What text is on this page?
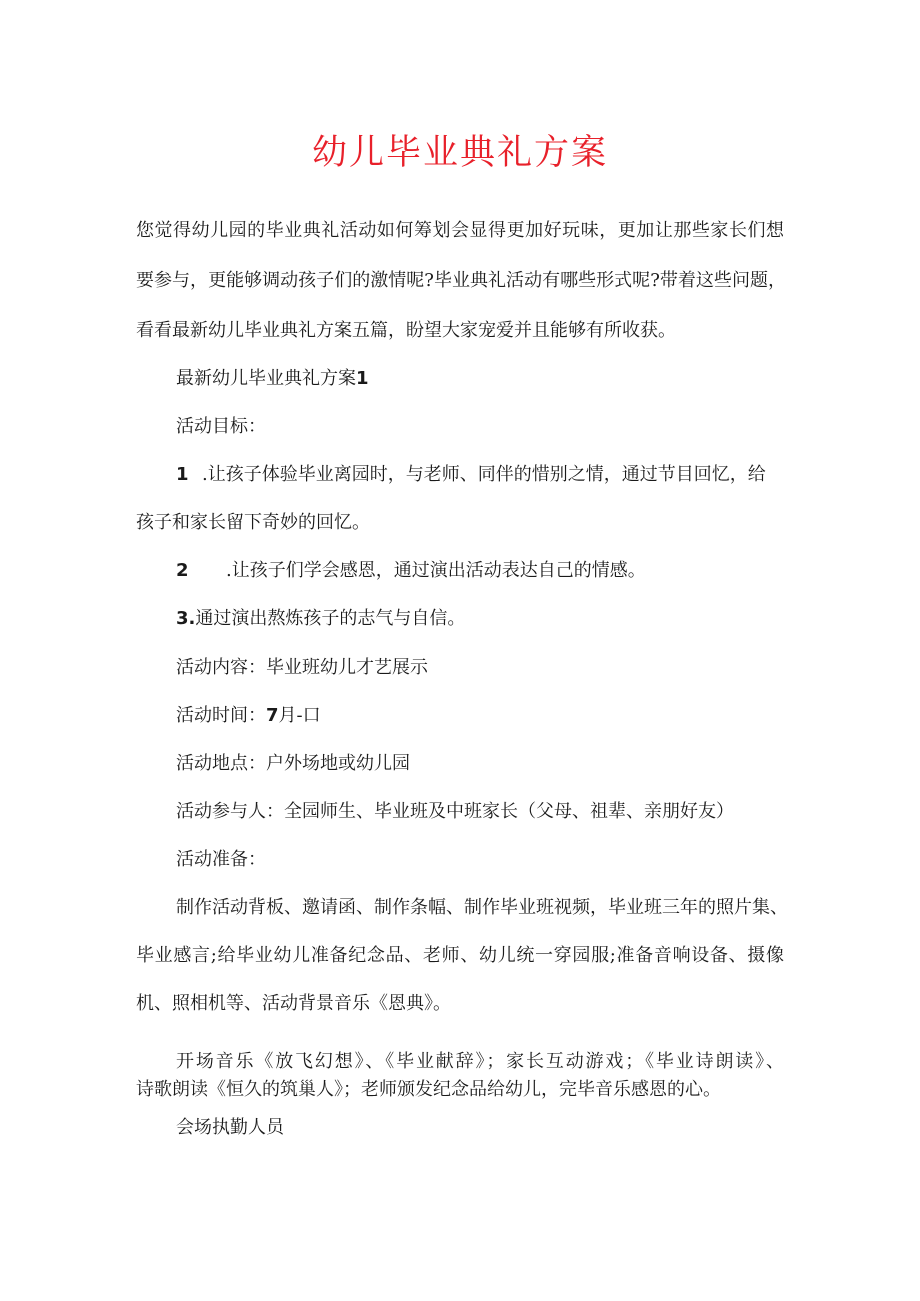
幼儿毕业典礼方案

您觉得幼儿园的毕业典礼活动如何筹划会显得更加好玩味，更加让那些家长们想

要参与，更能够调动孩子们的激情呢?毕业典礼活动有哪些形式呢?带着这些问题，

看看最新幼儿毕业典礼方案五篇，盼望大家宠爱并且能够有所收获。

最新幼儿毕业典礼方案1

活动目标：

1 .让孩子体验毕业离园时，与老师、同伴的惜别之情，通过节目回忆，给

孩子和家长留下奇妙的回忆。

2 .让孩子们学会感恩，通过演出活动表达自己的情感。

3.通过演出熬炼孩子的志气与自信。

活动内容：毕业班幼儿才艺展示

活动时间：7月-口

活动地点：户外场地或幼儿园

活动参与人：全园师生、毕业班及中班家长（父母、祖辈、亲朋好友）

活动准备：

制作活动背板、邀请函、制作条幅、制作毕业班视频，毕业班三年的照片集、

毕业感言;给毕业幼儿准备纪念品、老师、幼儿统一穿园服;准备音响设备、摄像

机、照相机等、活动背景音乐《恩典》。

开场音乐《放飞幻想》、《毕业献辞》；家长互动游戏；《毕业诗朗读》、

诗歌朗读《恒久的筑巢人》；老师颁发纪念品给幼儿，完毕音乐感恩的心。

会场执勤人员
